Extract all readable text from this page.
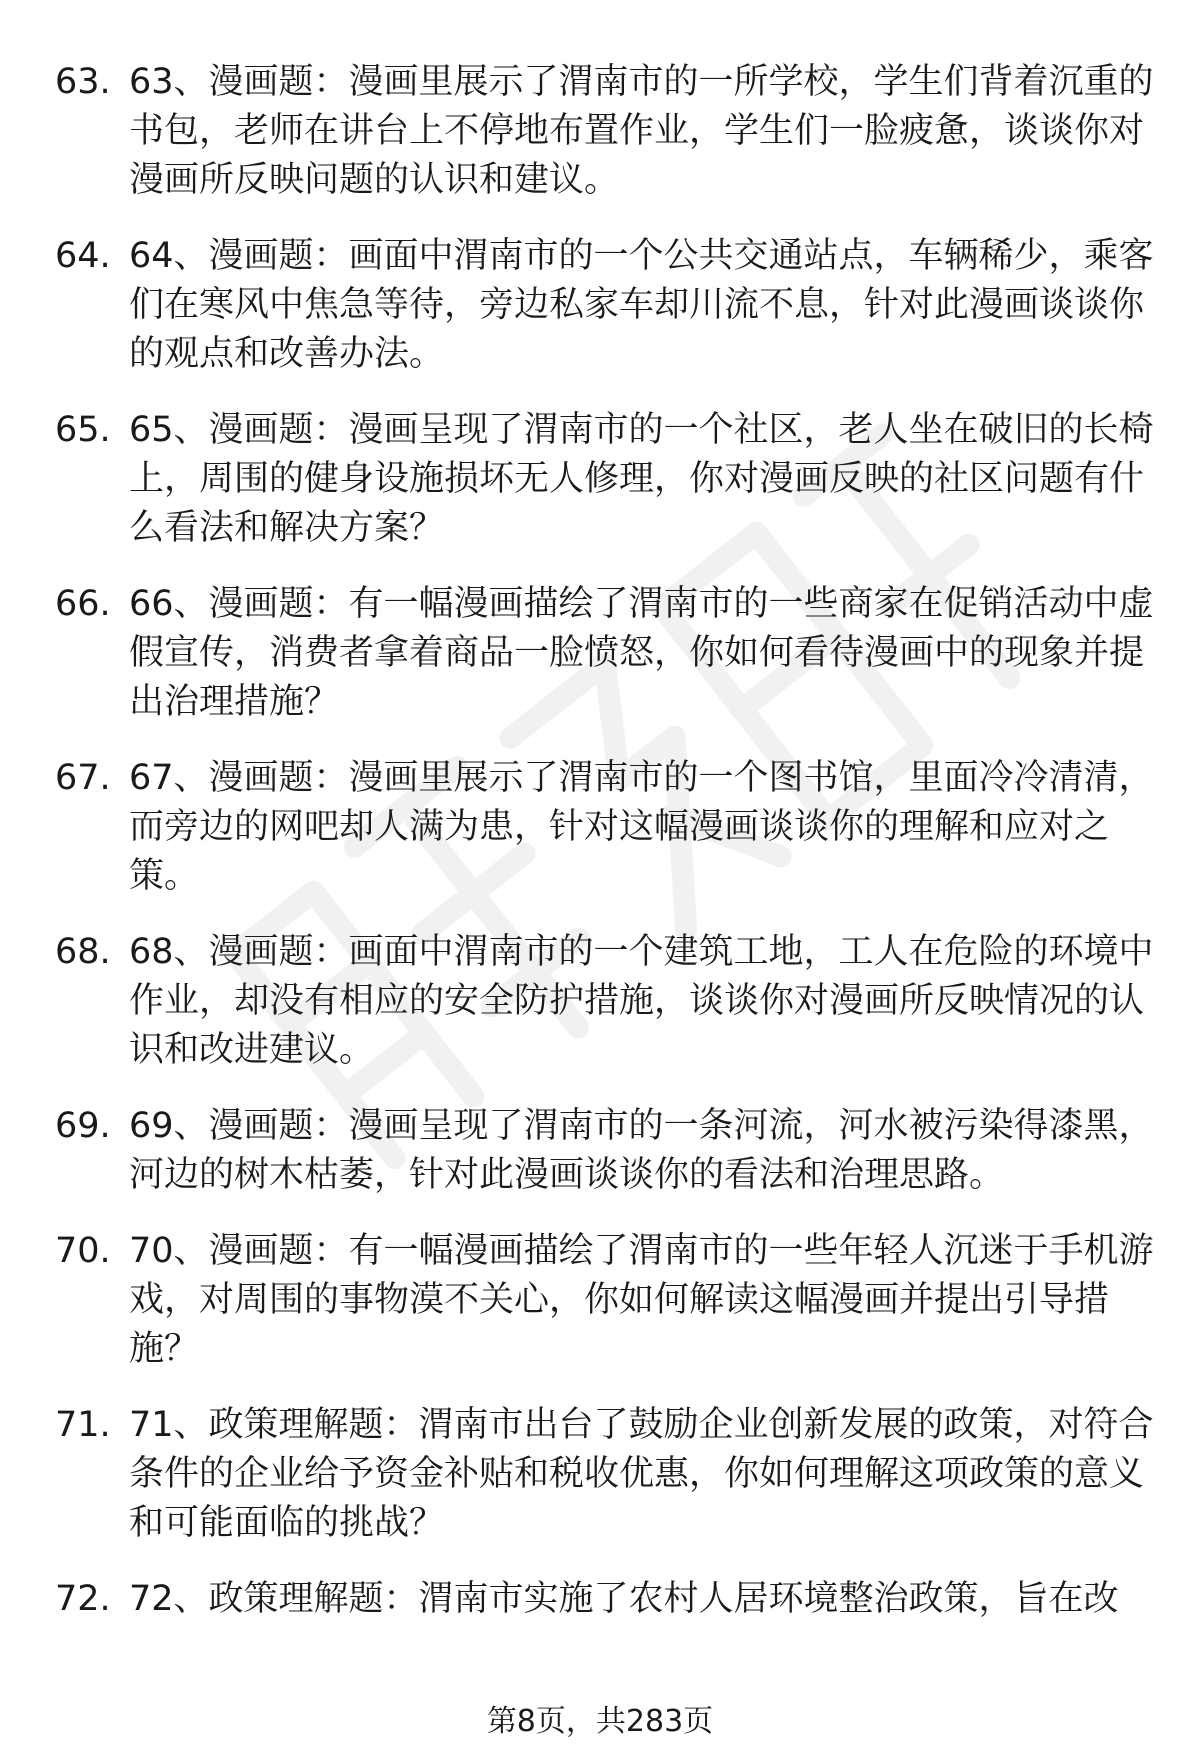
63. 63、漫画题：漫画里展示了渭南市的一所学校，学生们背着沉重的书包，老师在讲台上不停地布置作业，学生们一脸疲惫，谈谈你对漫画所反映问题的认识和建议。
64. 64、漫画题：画面中渭南市的一个公共交通站点，车辆稀少，乘客们在寒风中焦急等待，旁边私家车却川流不息，针对此漫画谈谈你的观点和改善办法。
65. 65、漫画题：漫画呈现了渭南市的一个社区，老人坐在破旧的长椅上，周围的健身设施损坏无人修理，你对漫画反映的社区问题有什么看法和解决方案？
66. 66、漫画题：有一幅漫画描绘了渭南市的一些商家在促销活动中虚假宣传，消费者拿着商品一脸愤怒，你如何看待漫画中的现象并提出治理措施？
67. 67、漫画题：漫画里展示了渭南市的一个图书馆，里面冷冷清清，而旁边的网吧却人满为患，针对这幅漫画谈谈你的理解和应对之策。
68. 68、漫画题：画面中渭南市的一个建筑工地，工人在危险的环境中作业，却没有相应的安全防护措施，谈谈你对漫画所反映情况的认识和改进建议。
69. 69、漫画题：漫画呈现了渭南市的一条河流，河水被污染得漆黑，河边的树木枯萎，针对此漫画谈谈你的看法和治理思路。
70. 70、漫画题：有一幅漫画描绘了渭南市的一些年轻人沉迷于手机游戏，对周围的事物漠不关心，你如何解读这幅漫画并提出引导措施？
71. 71、政策理解题：渭南市出台了鼓励企业创新发展的政策，对符合条件的企业给予资金补贴和税收优惠，你如何理解这项政策的意义和可能面临的挑战？
72. 72、政策理解题：渭南市实施了农村人居环境整治政策，旨在改
第8页，共283页
